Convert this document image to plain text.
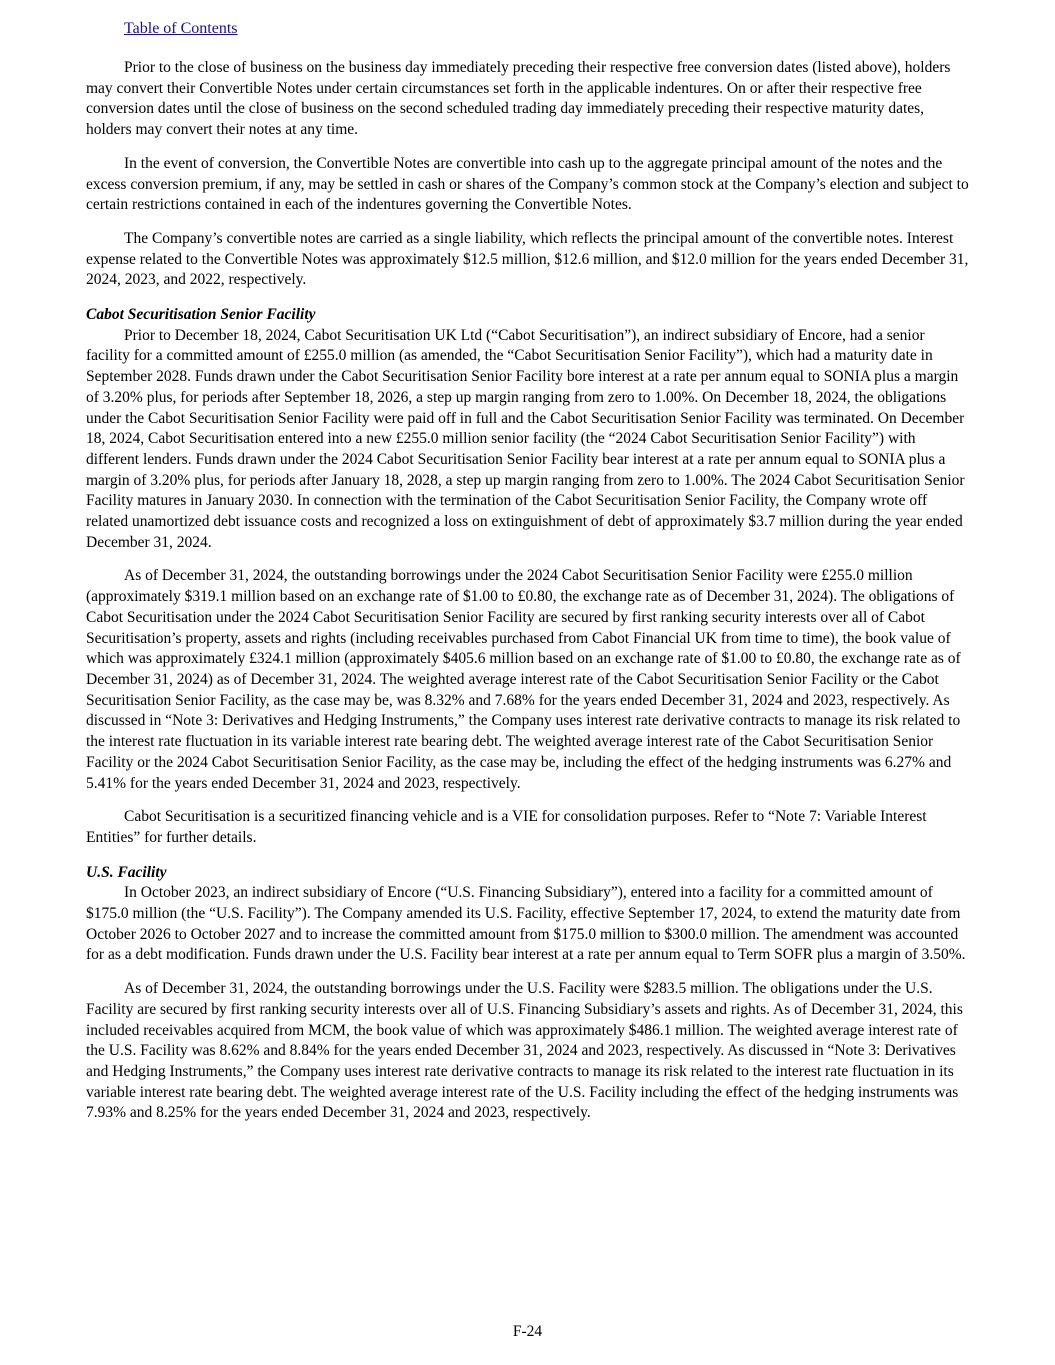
Table of Contents

Prior to the close of business on the business day immediately preceding their respective free conversion dates (listed above), holders may convert their Convertible Notes under certain circumstances set forth in the applicable indentures. On or after their respective free conversion dates until the close of business on the second scheduled trading day immediately preceding their respective maturity dates, holders may convert their notes at any time.

In the event of conversion, the Convertible Notes are convertible into cash up to the aggregate principal amount of the notes and the excess conversion premium, if any, may be settled in cash or shares of the Company’s common stock at the Company’s election and subject to certain restrictions contained in each of the indentures governing the Convertible Notes.

The Company’s convertible notes are carried as a single liability, which reflects the principal amount of the convertible notes. Interest expense related to the Convertible Notes was approximately $12.5 million, $12.6 million, and $12.0 million for the years ended December 31, 2024, 2023, and 2022, respectively.

Cabot Securitisation Senior Facility

Prior to December 18, 2024, Cabot Securitisation UK Ltd (“Cabot Securitisation”), an indirect subsidiary of Encore, had a senior facility for a committed amount of £255.0 million (as amended, the “Cabot Securitisation Senior Facility”), which had a maturity date in September 2028. Funds drawn under the Cabot Securitisation Senior Facility bore interest at a rate per annum equal to SONIA plus a margin of 3.20% plus, for periods after September 18, 2026, a step up margin ranging from zero to 1.00%. On December 18, 2024, the obligations under the Cabot Securitisation Senior Facility were paid off in full and the Cabot Securitisation Senior Facility was terminated. On December 18, 2024, Cabot Securitisation entered into a new £255.0 million senior facility (the “2024 Cabot Securitisation Senior Facility”) with different lenders. Funds drawn under the 2024 Cabot Securitisation Senior Facility bear interest at a rate per annum equal to SONIA plus a margin of 3.20% plus, for periods after January 18, 2028, a step up margin ranging from zero to 1.00%. The 2024 Cabot Securitisation Senior Facility matures in January 2030. In connection with the termination of the Cabot Securitisation Senior Facility, the Company wrote off related unamortized debt issuance costs and recognized a loss on extinguishment of debt of approximately $3.7 million during the year ended December 31, 2024.

As of December 31, 2024, the outstanding borrowings under the 2024 Cabot Securitisation Senior Facility were £255.0 million (approximately $319.1 million based on an exchange rate of $1.00 to £0.80, the exchange rate as of December 31, 2024). The obligations of Cabot Securitisation under the 2024 Cabot Securitisation Senior Facility are secured by first ranking security interests over all of Cabot Securitisation’s property, assets and rights (including receivables purchased from Cabot Financial UK from time to time), the book value of which was approximately £324.1 million (approximately $405.6 million based on an exchange rate of $1.00 to £0.80, the exchange rate as of December 31, 2024) as of December 31, 2024. The weighted average interest rate of the Cabot Securitisation Senior Facility or the Cabot Securitisation Senior Facility, as the case may be, was 8.32% and 7.68% for the years ended December 31, 2024 and 2023, respectively. As discussed in “Note 3: Derivatives and Hedging Instruments,” the Company uses interest rate derivative contracts to manage its risk related to the interest rate fluctuation in its variable interest rate bearing debt. The weighted average interest rate of the Cabot Securitisation Senior Facility or the 2024 Cabot Securitisation Senior Facility, as the case may be, including the effect of the hedging instruments was 6.27% and 5.41% for the years ended December 31, 2024 and 2023, respectively.

Cabot Securitisation is a securitized financing vehicle and is a VIE for consolidation purposes. Refer to “Note 7: Variable Interest Entities” for further details.

U.S. Facility

In October 2023, an indirect subsidiary of Encore (“U.S. Financing Subsidiary”), entered into a facility for a committed amount of $175.0 million (the “U.S. Facility”). The Company amended its U.S. Facility, effective September 17, 2024, to extend the maturity date from October 2026 to October 2027 and to increase the committed amount from $175.0 million to $300.0 million. The amendment was accounted for as a debt modification. Funds drawn under the U.S. Facility bear interest at a rate per annum equal to Term SOFR plus a margin of 3.50%.

As of December 31, 2024, the outstanding borrowings under the U.S. Facility were $283.5 million. The obligations under the U.S. Facility are secured by first ranking security interests over all of U.S. Financing Subsidiary’s assets and rights. As of December 31, 2024, this included receivables acquired from MCM, the book value of which was approximately $486.1 million. The weighted average interest rate of the U.S. Facility was 8.62% and 8.84% for the years ended December 31, 2024 and 2023, respectively. As discussed in “Note 3: Derivatives and Hedging Instruments,” the Company uses interest rate derivative contracts to manage its risk related to the interest rate fluctuation in its variable interest rate bearing debt. The weighted average interest rate of the U.S. Facility including the effect of the hedging instruments was 7.93% and 8.25% for the years ended December 31, 2024 and 2023, respectively.

F-24
